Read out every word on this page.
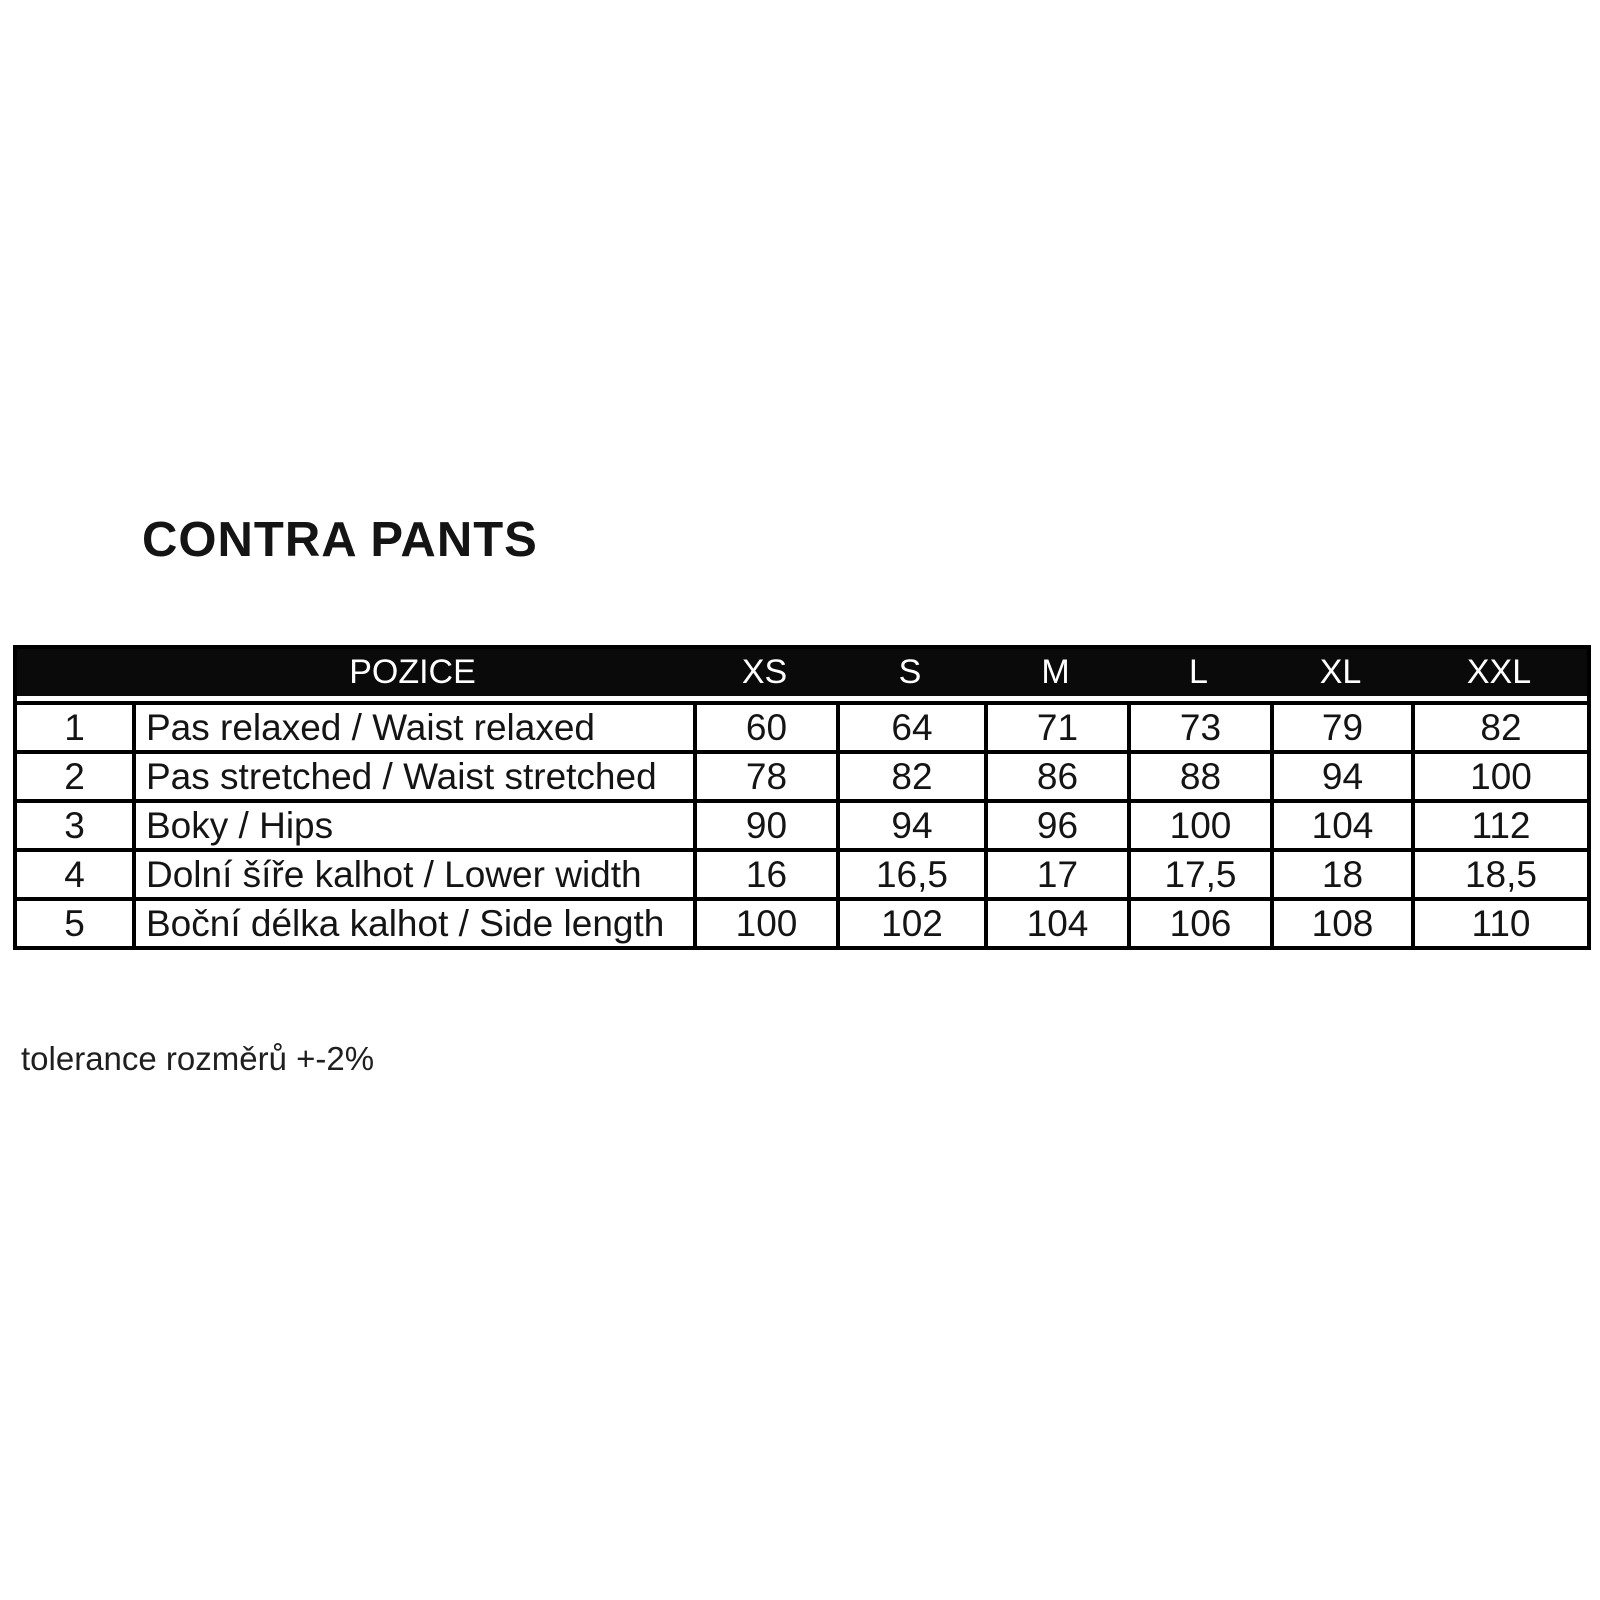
CONTRA PANTS
	POZICE	XS	S	M	L	XL	XXL
1	Pas relaxed / Waist relaxed	60	64	71	73	79	82
2	Pas stretched / Waist stretched	78	82	86	88	94	100
3	Boky / Hips	90	94	96	100	104	112
4	Dolní šíře kalhot / Lower width	16	16,5	17	17,5	18	18,5
5	Boční délka kalhot / Side length	100	102	104	106	108	110
tolerance rozměrů +-2%
